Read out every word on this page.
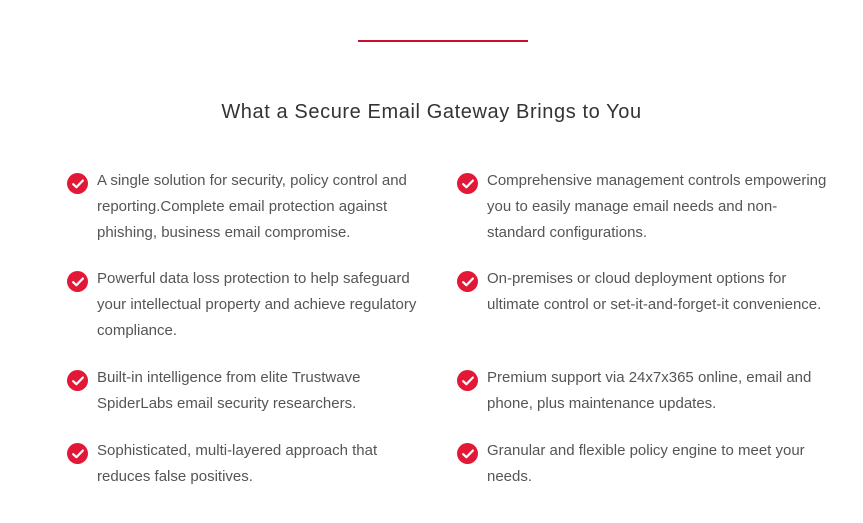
What a Secure Email Gateway Brings to You
A single solution for security, policy control and reporting.Complete email protection against phishing, business email compromise.
Powerful data loss protection to help safeguard your intellectual property and achieve regulatory compliance.
Built-in intelligence from elite Trustwave SpiderLabs email security researchers.
Sophisticated, multi-layered approach that reduces false positives.
Comprehensive management controls empowering you to easily manage email needs and non-standard configurations.
On-premises or cloud deployment options for ultimate control or set-it-and-forget-it convenience.
Premium support via 24x7x365 online, email and phone, plus maintenance updates.
Granular and flexible policy engine to meet your needs.
